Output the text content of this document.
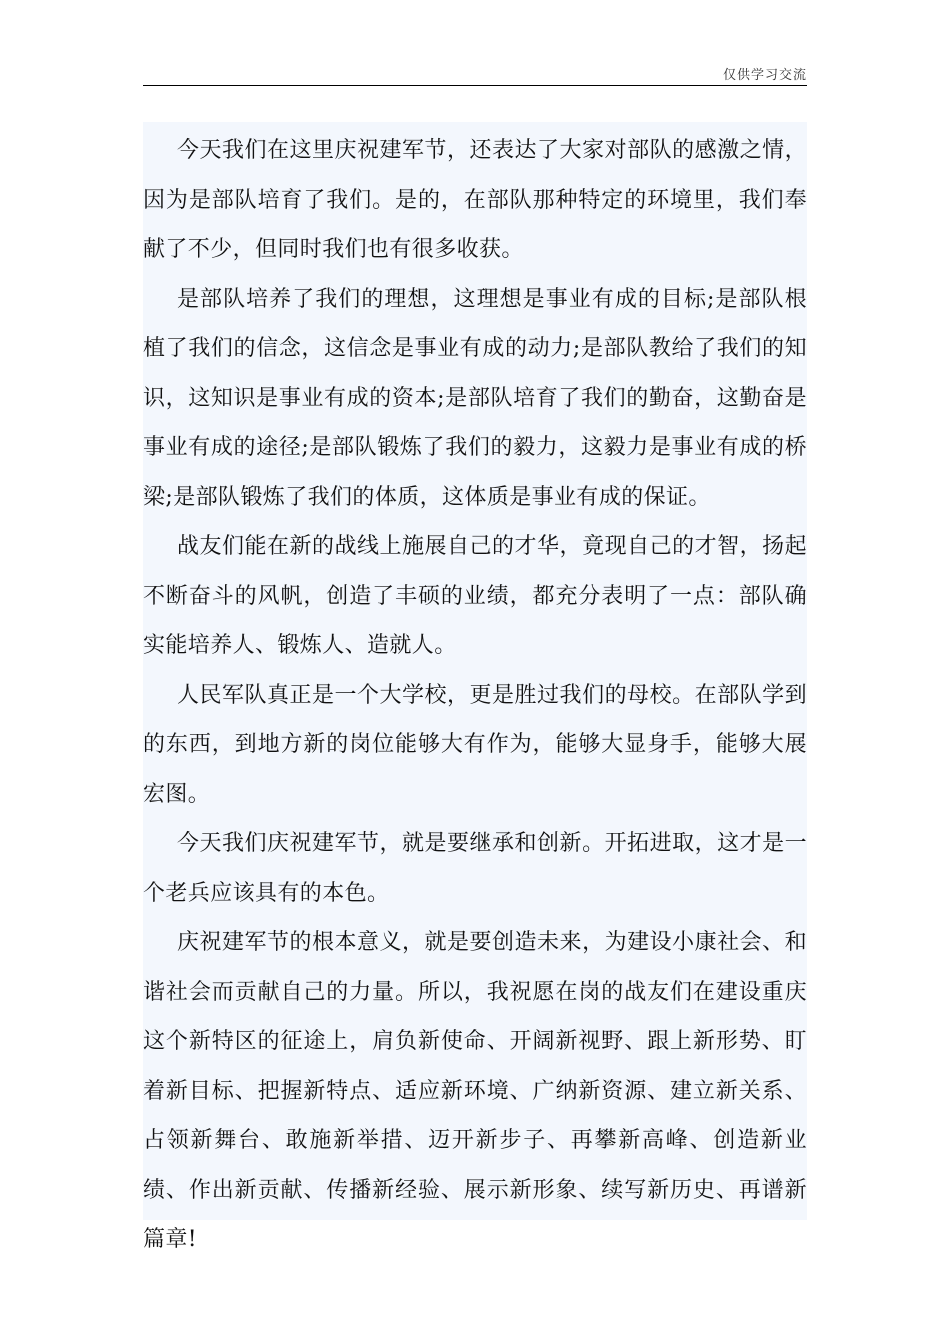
仅供学习交流

今天我们在这里庆祝建军节，还表达了大家对部队的感激之情，因为是部队培育了我们。是的，在部队那种特定的环境里，我们奉献了不少，但同时我们也有很多收获。

是部队培养了我们的理想，这理想是事业有成的目标;是部队根植了我们的信念，这信念是事业有成的动力;是部队教给了我们的知识，这知识是事业有成的资本;是部队培育了我们的勤奋，这勤奋是事业有成的途径;是部队锻炼了我们的毅力，这毅力是事业有成的桥梁;是部队锻炼了我们的体质，这体质是事业有成的保证。

战友们能在新的战线上施展自己的才华，竟现自己的才智，扬起不断奋斗的风帆，创造了丰硕的业绩，都充分表明了一点：部队确实能培养人、锻炼人、造就人。

人民军队真正是一个大学校，更是胜过我们的母校。在部队学到的东西，到地方新的岗位能够大有作为，能够大显身手，能够大展宏图。

今天我们庆祝建军节，就是要继承和创新。开拓进取，这才是一个老兵应该具有的本色。

庆祝建军节的根本意义，就是要创造未来，为建设小康社会、和谐社会而贡献自己的力量。所以，我祝愿在岗的战友们在建设重庆这个新特区的征途上，肩负新使命、开阔新视野、跟上新形势、盯着新目标、把握新特点、适应新环境、广纳新资源、建立新关系、占领新舞台、敢施新举措、迈开新步子、再攀新高峰、创造新业绩、作出新贡献、传播新经验、展示新形象、续写新历史、再谱新篇章!
